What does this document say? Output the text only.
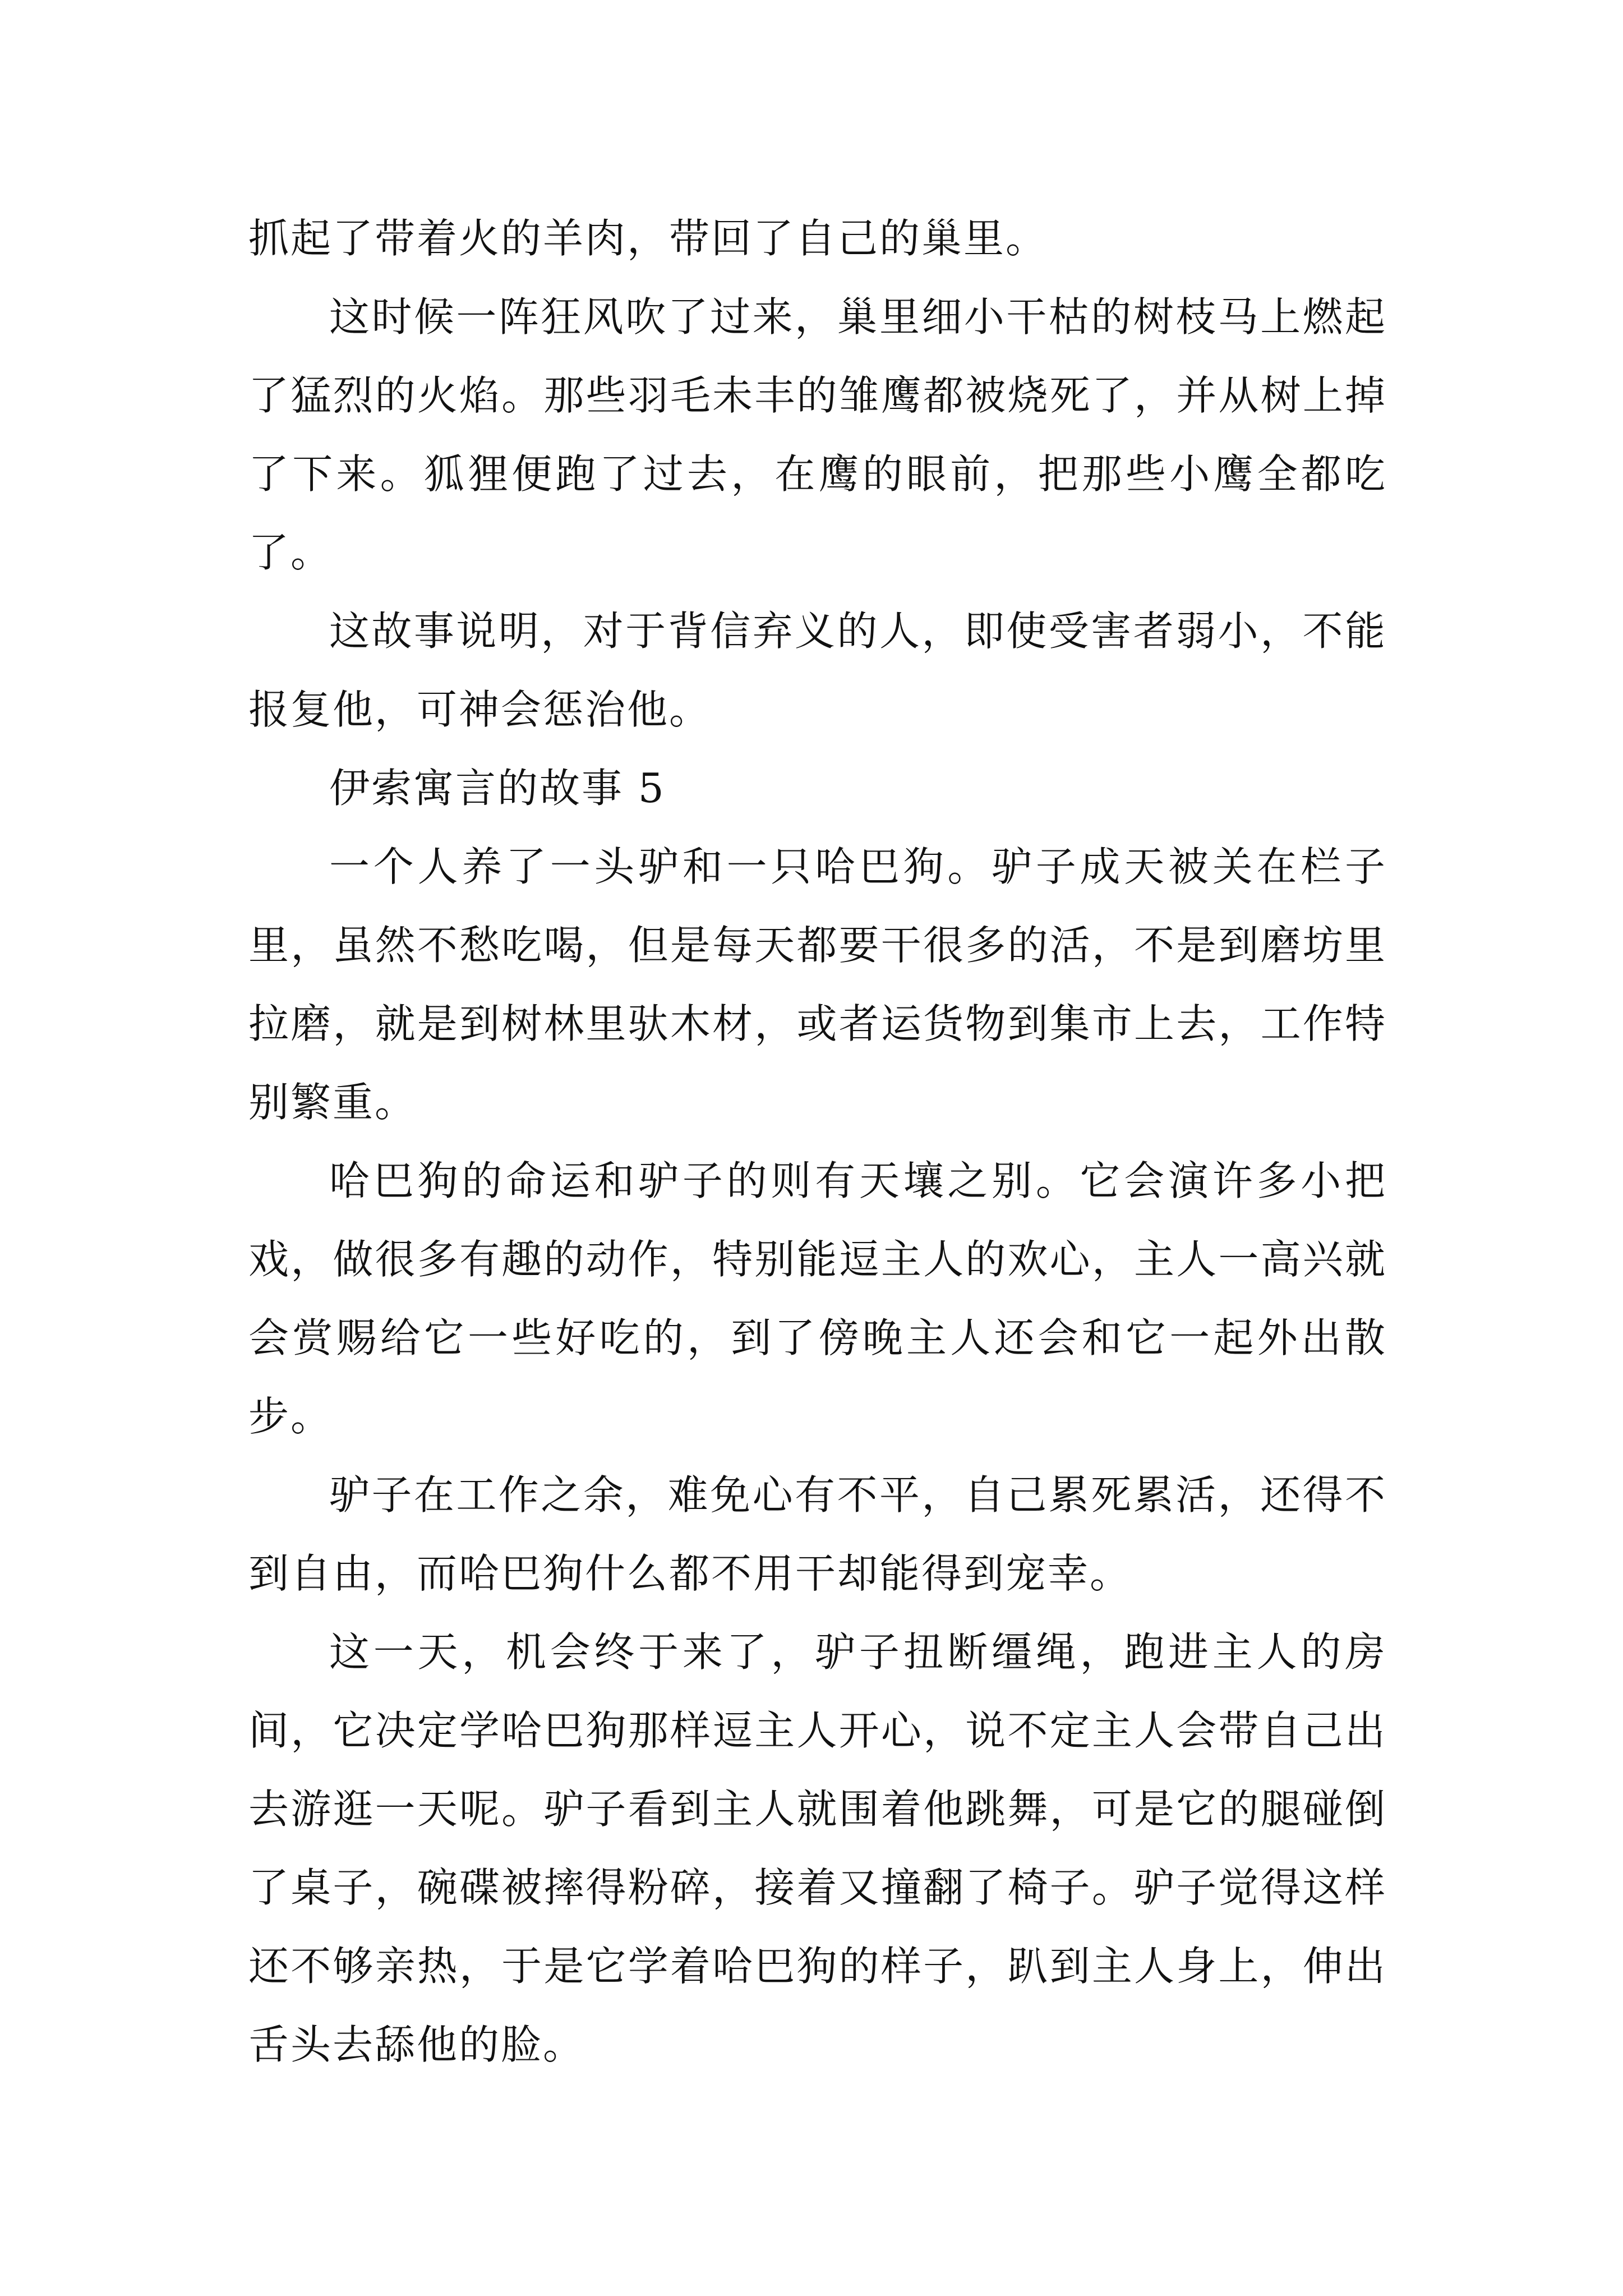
抓起了带着火的羊肉，带回了自己的巢里。

这时候一阵狂风吹了过来，巢里细小干枯的树枝马上燃起了猛烈的火焰。那些羽毛未丰的雏鹰都被烧死了，并从树上掉了下来。狐狸便跑了过去，在鹰的眼前，把那些小鹰全都吃了。

这故事说明，对于背信弃义的人，即使受害者弱小，不能报复他，可神会惩治他。

伊索寓言的故事 5

一个人养了一头驴和一只哈巴狗。驴子成天被关在栏子里，虽然不愁吃喝，但是每天都要干很多的活，不是到磨坊里拉磨，就是到树林里驮木材，或者运货物到集市上去，工作特别繁重。

哈巴狗的命运和驴子的则有天壤之别。它会演许多小把戏，做很多有趣的动作，特别能逗主人的欢心，主人一高兴就会赏赐给它一些好吃的，到了傍晚主人还会和它一起外出散步。

驴子在工作之余，难免心有不平，自己累死累活，还得不到自由，而哈巴狗什么都不用干却能得到宠幸。

这一天，机会终于来了，驴子扭断缰绳，跑进主人的房间，它决定学哈巴狗那样逗主人开心，说不定主人会带自己出去游逛一天呢。驴子看到主人就围着他跳舞，可是它的腿碰倒了桌子，碗碟被摔得粉碎，接着又撞翻了椅子。驴子觉得这样还不够亲热，于是它学着哈巴狗的样子，趴到主人身上，伸出舌头去舔他的脸。
